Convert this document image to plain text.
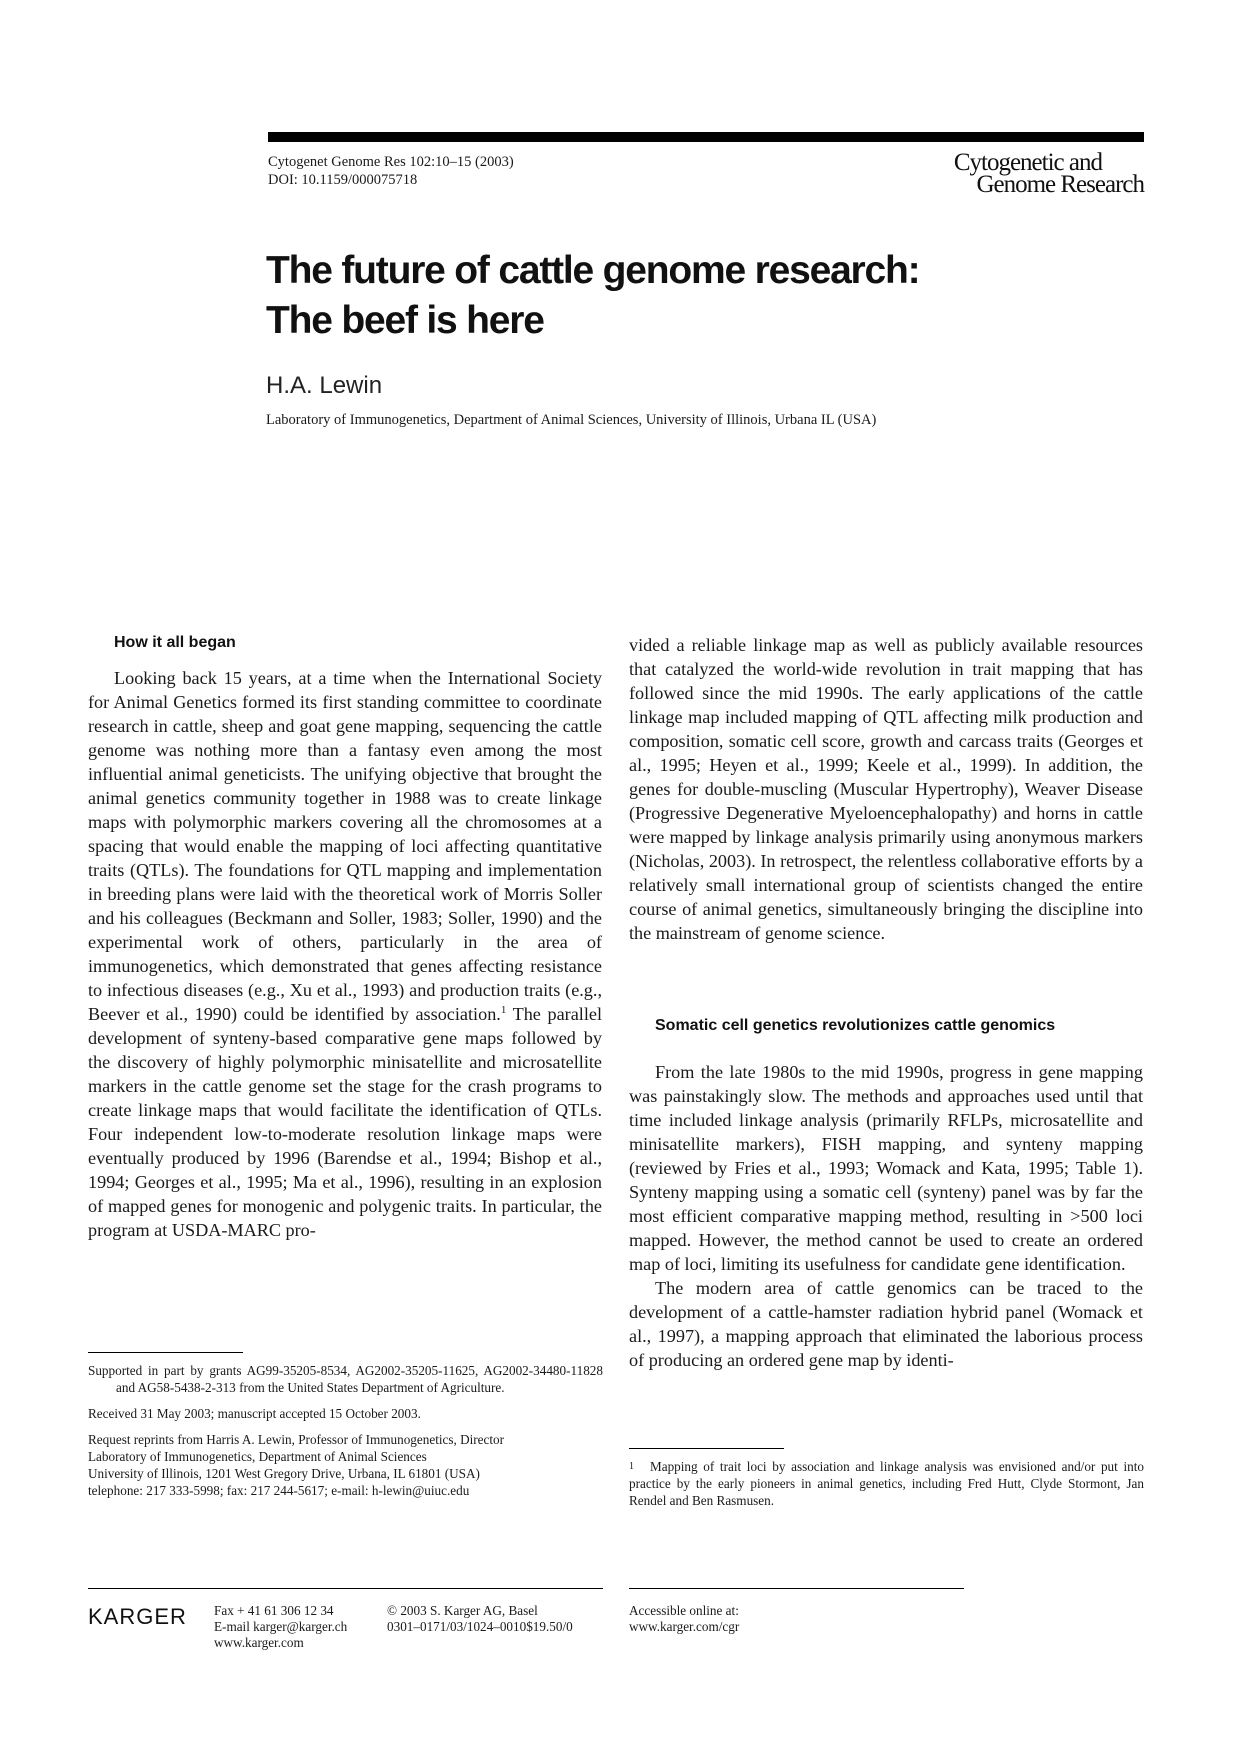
Cytogenet Genome Res 102:10–15 (2003)
DOI: 10.1159/000075718
Cytogenetic and
Genome Research
The future of cattle genome research:
The beef is here
H.A. Lewin
Laboratory of Immunogenetics, Department of Animal Sciences, University of Illinois, Urbana IL (USA)
How it all began

Looking back 15 years, at a time when the International Society for Animal Genetics formed its first standing committee to coordinate research in cattle, sheep and goat gene mapping, sequencing the cattle genome was nothing more than a fantasy even among the most influential animal geneticists. The unifying objective that brought the animal genetics community together in 1988 was to create linkage maps with polymorphic markers covering all the chromosomes at a spacing that would enable the mapping of loci affecting quantitative traits (QTLs). The foundations for QTL mapping and implementation in breeding plans were laid with the theoretical work of Morris Soller and his colleagues (Beckmann and Soller, 1983; Soller, 1990) and the experimental work of others, particularly in the area of immunogenetics, which demonstrated that genes affecting resistance to infectious diseases (e.g., Xu et al., 1993) and production traits (e.g., Beever et al., 1990) could be identified by association.$^1$ The parallel development of synteny-based comparative gene maps followed by the discovery of highly polymorphic minisatellite and microsatellite markers in the cattle genome set the stage for the crash programs to create linkage maps that would facilitate the identification of QTLs. Four independent low-to-moderate resolution linkage maps were eventually produced by 1996 (Barendse et al., 1994; Bishop et al., 1994; Georges et al., 1995; Ma et al., 1996), resulting in an explosion of mapped genes for monogenic and polygenic traits. In particular, the program at USDA-MARC pro-

vided a reliable linkage map as well as publicly available resources that catalyzed the world-wide revolution in trait mapping that has followed since the mid 1990s. The early applications of the cattle linkage map included mapping of QTL affecting milk production and composition, somatic cell score, growth and carcass traits (Georges et al., 1995; Heyen et al., 1999; Keele et al., 1999). In addition, the genes for double-muscling (Muscular Hypertrophy), Weaver Disease (Progressive Degenerative Myeloencephalopathy) and horns in cattle were mapped by linkage analysis primarily using anonymous markers (Nicholas, 2003). In retrospect, the relentless collaborative efforts by a relatively small international group of scientists changed the entire course of animal genetics, simultaneously bringing the discipline into the mainstream of genome science.

Somatic cell genetics revolutionizes cattle genomics

From the late 1980s to the mid 1990s, progress in gene mapping was painstakingly slow. The methods and approaches used until that time included linkage analysis (primarily RFLPs, microsatellite and minisatellite markers), FISH mapping, and synteny mapping (reviewed by Fries et al., 1993; Womack and Kata, 1995; Table 1). Synteny mapping using a somatic cell (synteny) panel was by far the most efficient comparative mapping method, resulting in >500 loci mapped. However, the method cannot be used to create an ordered map of loci, limiting its usefulness for candidate gene identification.

The modern area of cattle genomics can be traced to the development of a cattle-hamster radiation hybrid panel (Womack et al., 1997), a mapping approach that eliminated the laborious process of producing an ordered gene map by identi-

Supported in part by grants AG99-35205-8534, AG2002-35205-11625, AG2002-34480-11828 and AG58-5438-2-313 from the United States Department of Agriculture.

Received 31 May 2003; manuscript accepted 15 October 2003.

Request reprints from Harris A. Lewin, Professor of Immunogenetics, Director
Laboratory of Immunogenetics, Department of Animal Sciences
University of Illinois, 1201 West Gregory Drive, Urbana, IL 61801 (USA)
telephone: 217 333-5998; fax: 217 244-5617; e-mail: h-lewin@uiuc.edu

$^1$ Mapping of trait loci by association and linkage analysis was envisioned and/or put into practice by the early pioneers in animal genetics, including Fred Hutt, Clyde Stormont, Jan Rendel and Ben Rasmusen.
KARGER Fax + 41 61 306 12 34
E-mail karger@karger.ch
www.karger.com
© 2003 S. Karger AG, Basel
0301–0171/03/1024–0010$19.50/0
Accessible online at:
www.karger.com/cgr
